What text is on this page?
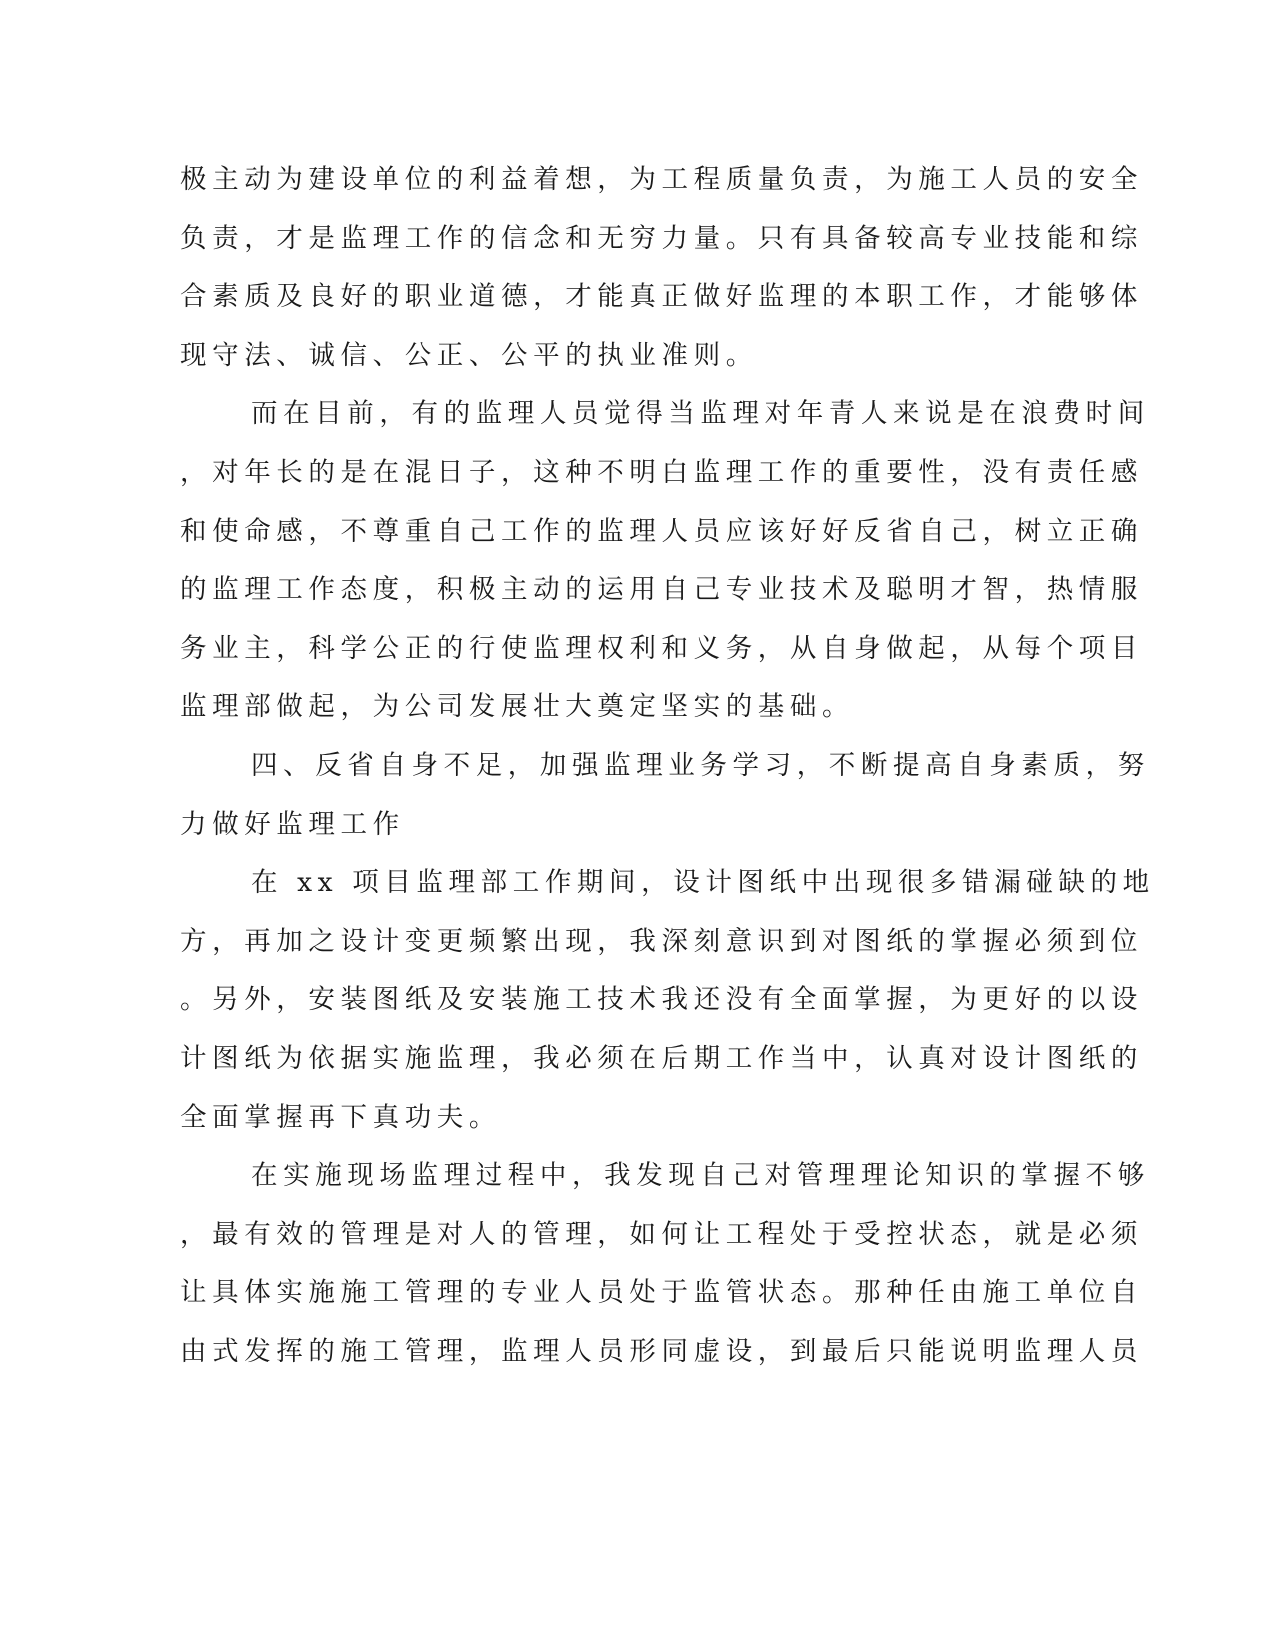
极主动为建设单位的利益着想，为工程质量负责，为施工人员的安全
负责，才是监理工作的信念和无穷力量。只有具备较高专业技能和综
合素质及良好的职业道德，才能真正做好监理的本职工作，才能够体
现守法、诚信、公正、公平的执业准则。
而在目前，有的监理人员觉得当监理对年青人来说是在浪费时间
，对年长的是在混日子，这种不明白监理工作的重要性，没有责任感
和使命感，不尊重自己工作的监理人员应该好好反省自己，树立正确
的监理工作态度，积极主动的运用自己专业技术及聪明才智，热情服
务业主，科学公正的行使监理权利和义务，从自身做起，从每个项目
监理部做起，为公司发展壮大奠定坚实的基础。
四、反省自身不足，加强监理业务学习，不断提高自身素质，努
力做好监理工作
在 xx 项目监理部工作期间，设计图纸中出现很多错漏碰缺的地
方，再加之设计变更频繁出现，我深刻意识到对图纸的掌握必须到位
。另外，安装图纸及安装施工技术我还没有全面掌握，为更好的以设
计图纸为依据实施监理，我必须在后期工作当中，认真对设计图纸的
全面掌握再下真功夫。
在实施现场监理过程中，我发现自己对管理理论知识的掌握不够
，最有效的管理是对人的管理，如何让工程处于受控状态，就是必须
让具体实施施工管理的专业人员处于监管状态。那种任由施工单位自
由式发挥的施工管理，监理人员形同虚设，到最后只能说明监理人员
